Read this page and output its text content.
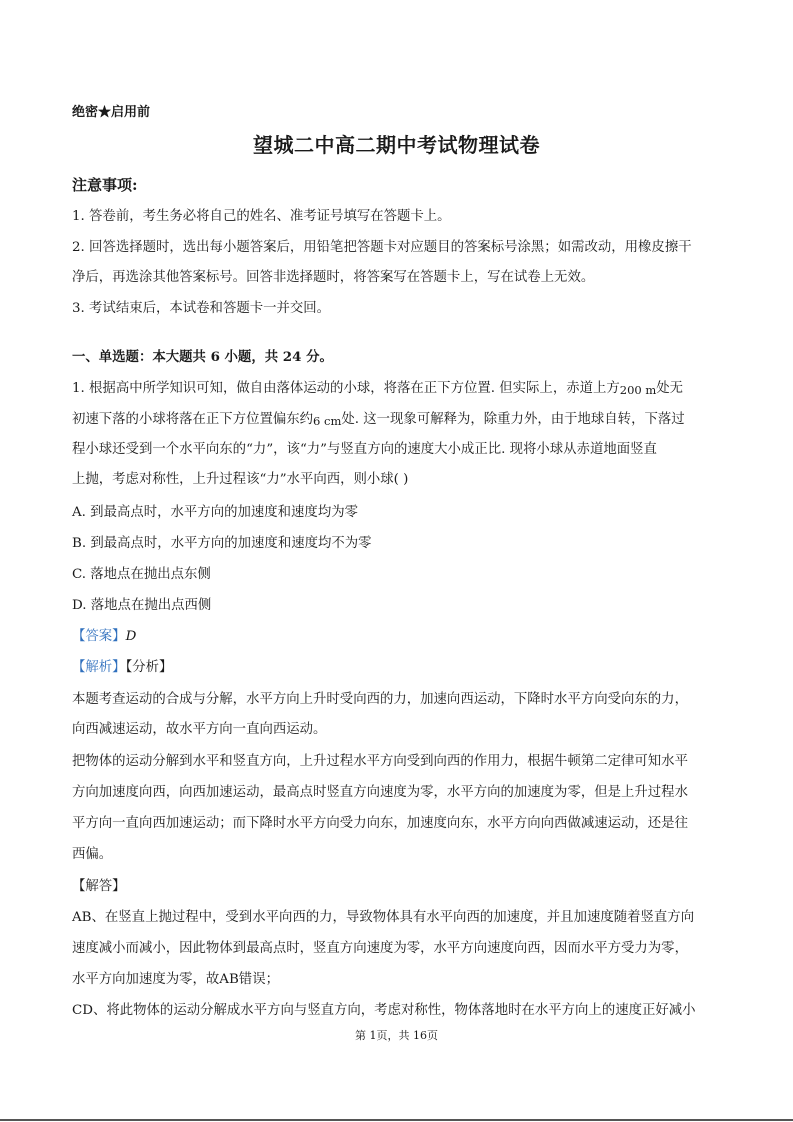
绝密★启用前
望城二中高二期中考试物理试卷
注意事项:
1. 答卷前，考生务必将自己的姓名、准考证号填写在答题卡上。
2. 回答选择题时，选出每小题答案后，用铅笔把答题卡对应题目的答案标号涂黑；如需改动，用橡皮擦干
净后，再选涂其他答案标号。回答非选择题时，将答案写在答题卡上，写在试卷上无效。
3. 考试结束后，本试卷和答题卡一并交回。
一、单选题：本大题共 6 小题，共 24 分。
1. 根据高中所学知识可知，做自由落体运动的小球，将落在正下方位置. 但实际上，赤道上方200 m处无
初速下落的小球将落在正下方位置偏东约6 cm处. 这一现象可解释为，除重力外，由于地球自转，下落过
程小球还受到一个水平向东的“力”，该“力”与竖直方向的速度大小成正比. 现将小球从赤道地面竖直
上抛，考虑对称性，上升过程该“力”水平向西，则小球( )
A. 到最高点时，水平方向的加速度和速度均为零
B. 到最高点时，水平方向的加速度和速度均不为零
C. 落地点在抛出点东侧
D. 落地点在抛出点西侧
【答案】D
【解析】【分析】
本题考查运动的合成与分解，水平方向上升时受向西的力，加速向西运动，下降时水平方向受向东的力，
向西减速运动，故水平方向一直向西运动。
把物体的运动分解到水平和竖直方向，上升过程水平方向受到向西的作用力，根据牛顿第二定律可知水平
方向加速度向西，向西加速运动，最高点时竖直方向速度为零，水平方向的加速度为零，但是上升过程水
平方向一直向西加速运动；而下降时水平方向受力向东，加速度向东，水平方向向西做减速运动，还是往
西偏。
【解答】
AB、在竖直上抛过程中，受到水平向西的力，导致物体具有水平向西的加速度，并且加速度随着竖直方向
速度减小而减小，因此物体到最高点时，竖直方向速度为零，水平方向速度向西，因而水平方受力为零，
水平方向加速度为零，故AB错误；
CD、将此物体的运动分解成水平方向与竖直方向，考虑对称性，物体落地时在水平方向上的速度正好减小
第 1页，共 16页
